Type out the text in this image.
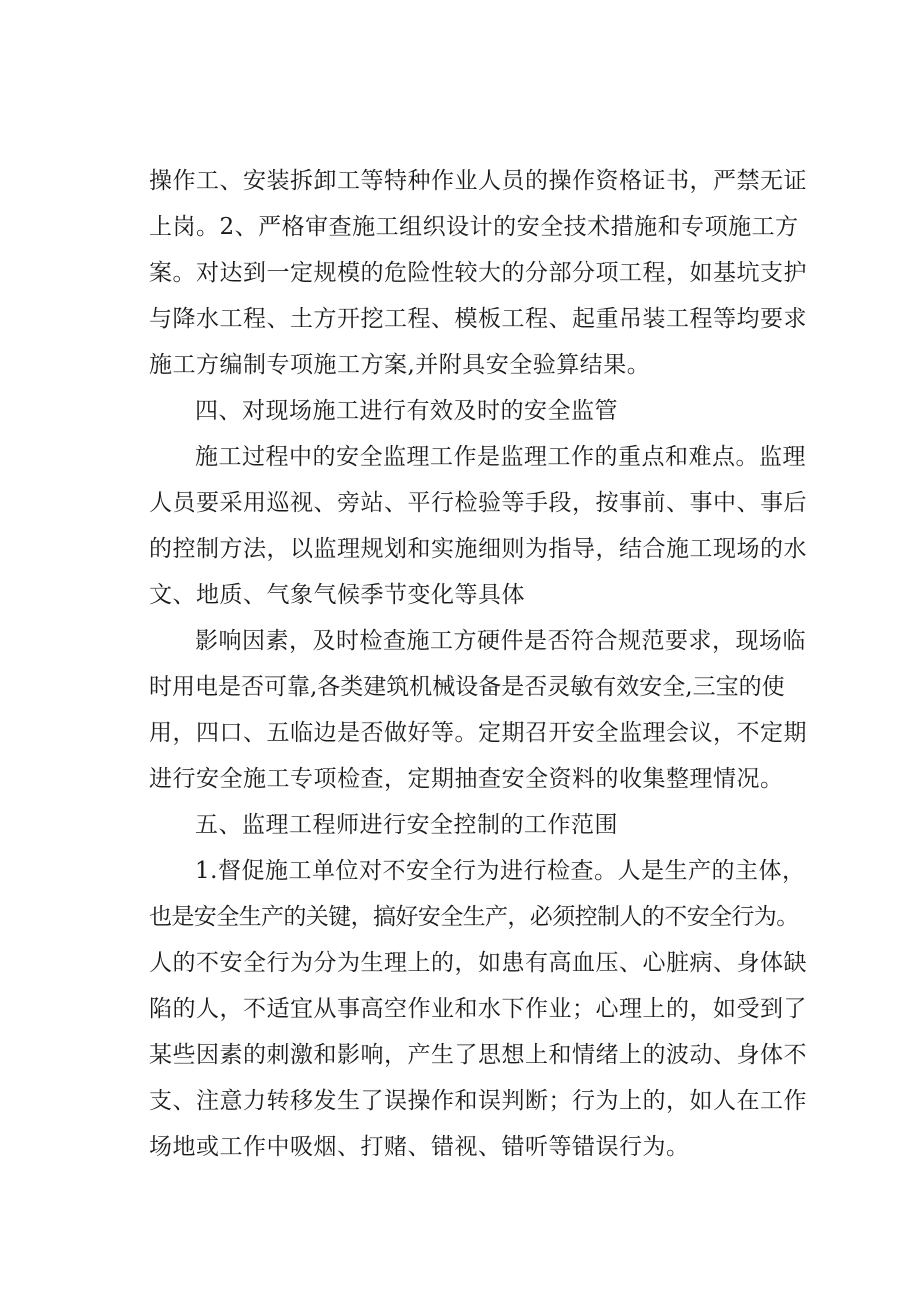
操作工、安装拆卸工等特种作业人员的操作资格证书，严禁无证
上岗。2、严格审查施工组织设计的安全技术措施和专项施工方
案。对达到一定规模的危险性较大的分部分项工程，如基坑支护
与降水工程、土方开挖工程、模板工程、起重吊装工程等均要求
施工方编制专项施工方案,并附具安全验算结果。
四、对现场施工进行有效及时的安全监管
施工过程中的安全监理工作是监理工作的重点和难点。监理
人员要采用巡视、旁站、平行检验等手段，按事前、事中、事后
的控制方法，以监理规划和实施细则为指导，结合施工现场的水
文、地质、气象气候季节变化等具体
影响因素，及时检查施工方硬件是否符合规范要求，现场临
时用电是否可靠,各类建筑机械设备是否灵敏有效安全,三宝的使
用，四口、五临边是否做好等。定期召开安全监理会议，不定期
进行安全施工专项检查，定期抽查安全资料的收集整理情况。
五、监理工程师进行安全控制的工作范围
1.督促施工单位对不安全行为进行检查。人是生产的主体，
也是安全生产的关键，搞好安全生产，必须控制人的不安全行为。
人的不安全行为分为生理上的，如患有高血压、心脏病、身体缺
陷的人，不适宜从事高空作业和水下作业；心理上的，如受到了
某些因素的刺激和影响，产生了思想上和情绪上的波动、身体不
支、注意力转移发生了误操作和误判断；行为上的，如人在工作
场地或工作中吸烟、打赌、错视、错听等错误行为。
